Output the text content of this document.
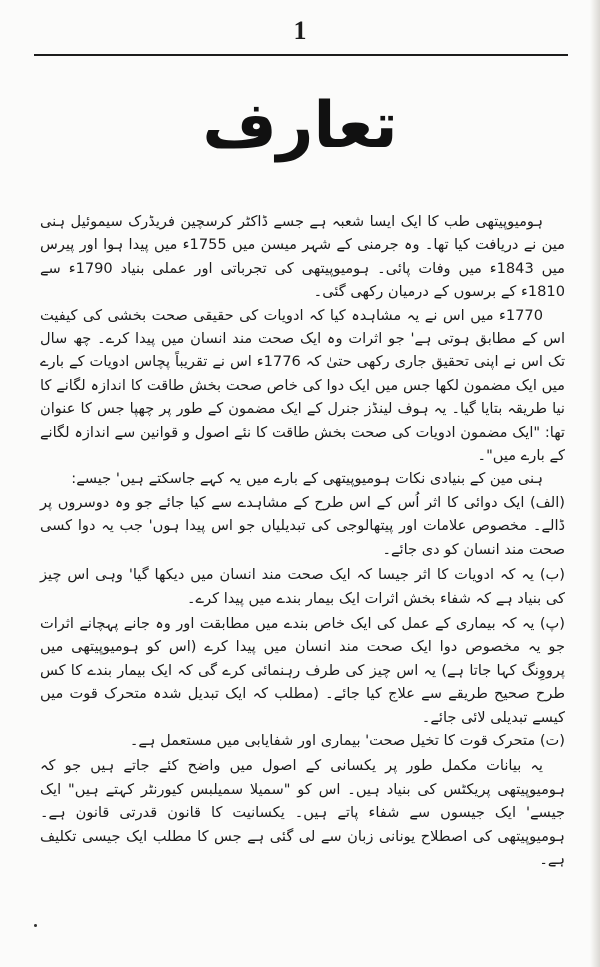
1
تعارف

ہومیوپیتھی طب کا ایک ایسا شعبہ ہے جسے ڈاکٹر کرسچین فریڈرک سیموئیل ہنی مین نے دریافت کیا تھا۔ وہ جرمنی کے شہر میسن میں 1755ء میں پیدا ہوا اور پیرس میں 1843ء میں وفات پائی۔ ہومیوپیتھی کی تجرباتی اور عملی بنیاد 1790ء سے 1810ء کے برسوں کے درمیان رکھی گئی۔

1770ء میں اس نے یہ مشاہدہ کیا کہ ادویات کی حقیقی صحت بخشی کی کیفیت اس کے مطابق ہوتی ہے' جو اثرات وہ ایک صحت مند انسان میں پیدا کرے۔ چھ سال تک اس نے اپنی تحقیق جاری رکھی حتیٰ کہ 1776ء اس نے تقریباً پچاس ادویات کے بارے میں ایک مضمون لکھا جس میں ایک دوا کی خاص صحت بخش طاقت کا اندازہ لگانے کا نیا طریقہ بتایا گیا۔ یہ ہوف لینڈز جنرل کے ایک مضمون کے طور پر چھپا جس کا عنوان تھا: "ایک مضمون ادویات کی صحت بخش طاقت کا نئے اصول و قوانین سے اندازہ لگانے کے بارے میں"۔

ہنی مین کے بنیادی نکات ہومیوپیتھی کے بارے میں یہ کہے جاسکتے ہیں' جیسے:

(الف) ایک دوائی کا اثر اُس کے اس طرح کے مشاہدے سے کیا جائے جو وہ دوسروں پر ڈالے۔ مخصوص علامات اور پیتھالوجی کی تبدیلیاں جو اس پیدا ہوں' جب یہ دوا کسی صحت مند انسان کو دی جائے۔

(ب) یہ کہ ادویات کا اثر جیسا کہ ایک صحت مند انسان میں دیکھا گیا' وہی اس چیز کی بنیاد ہے کہ شفاء بخش اثرات ایک بیمار بندے میں پیدا کرے۔

(پ) یہ کہ بیماری کے عمل کی ایک خاص بندے میں مطابقت اور وہ جانے پہچانے اثرات جو یہ مخصوص دوا ایک صحت مند انسان میں پیدا کرے (اس کو ہومیوپیتھی میں پرووِنگ کہا جاتا ہے) یہ اس چیز کی طرف رہنمائی کرے گی کہ ایک بیمار بندے کا کس طرح صحیح طریقے سے علاج کیا جائے۔ (مطلب کہ ایک تبدیل شدہ متحرک قوت میں کیسے تبدیلی لائی جائے۔

(ت) متحرک قوت کا تخیل صحت' بیماری اور شفایابی میں مستعمل ہے۔

یہ بیانات مکمل طور پر یکسانی کے اصول میں واضح کئے جاتے ہیں جو کہ ہومیوپیتھی پریکٹس کی بنیاد ہیں۔ اس کو "سمیلا سمیلبس کیورنٹر کہتے ہیں" ایک جیسے' ایک جیسوں سے شفاء پاتے ہیں۔ یکسانیت کا قانون قدرتی قانون ہے۔ ہومیوپیتھی کی اصطلاح یونانی زبان سے لی گئی ہے جس کا مطلب ایک جیسی تکلیف ہے۔
